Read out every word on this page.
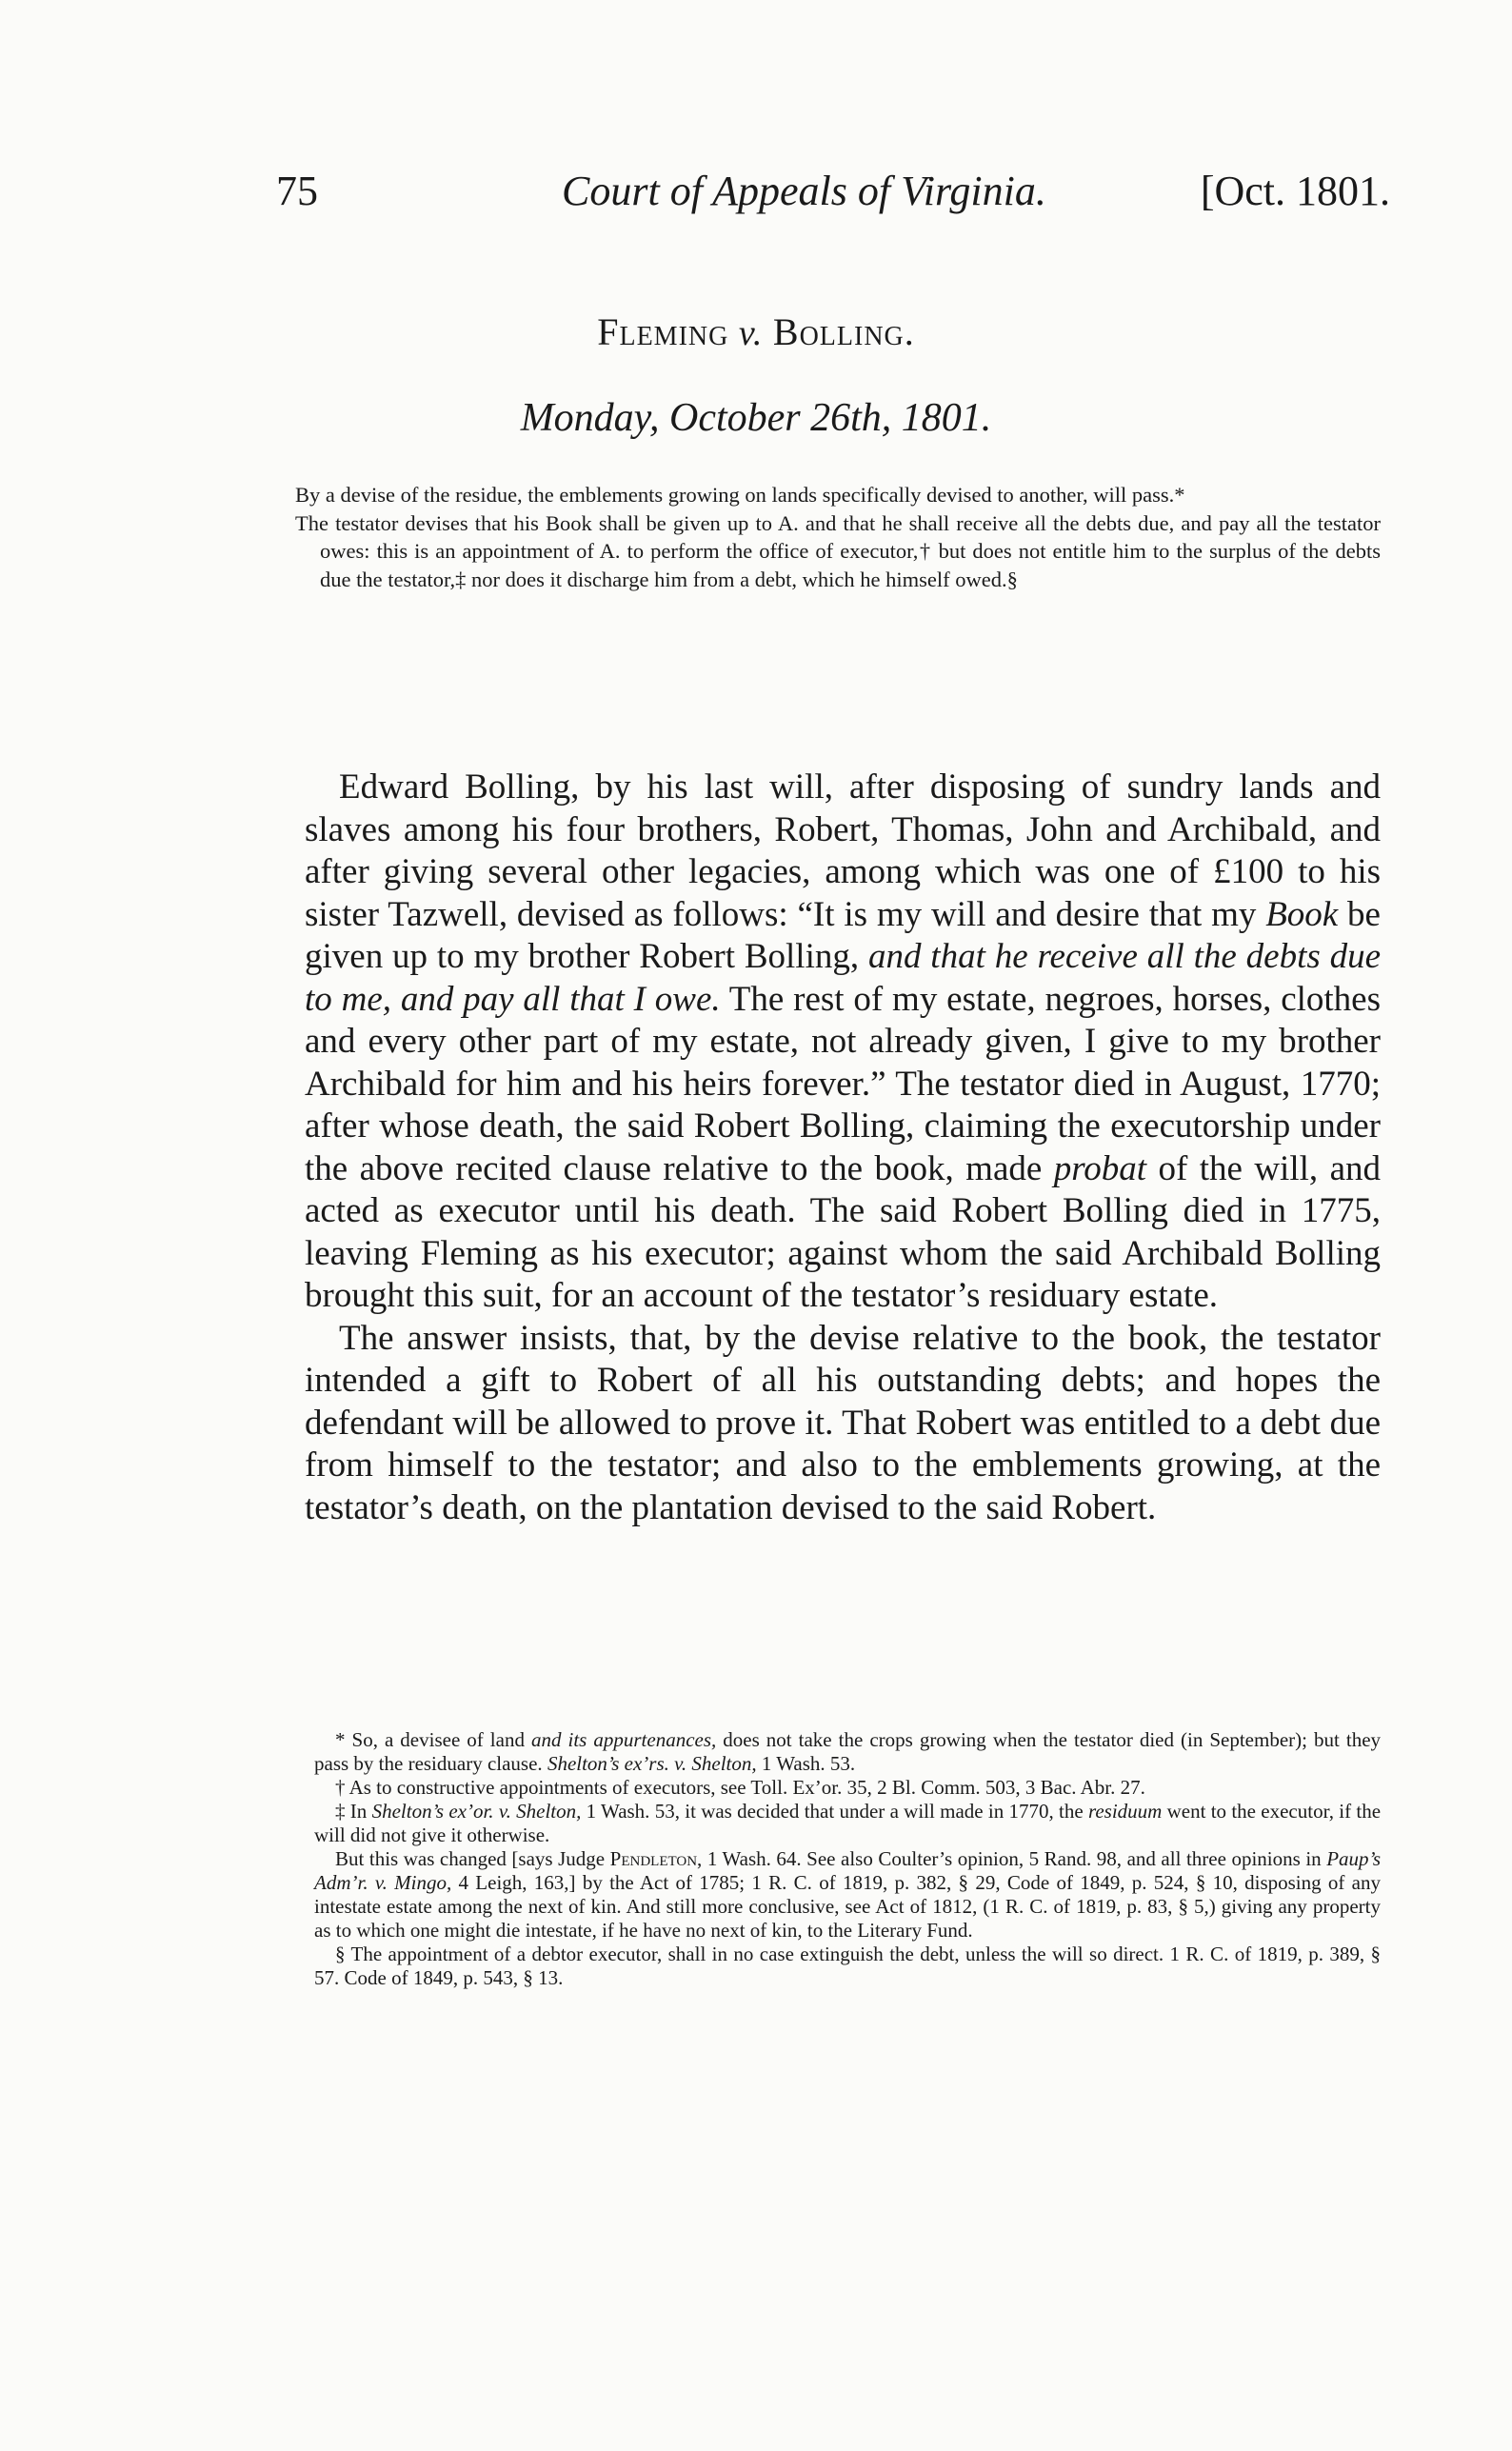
75	Court of Appeals of Virginia.	[Oct. 1801.
Fleming v. Bolling.
Monday, October 26th, 1801.

By a devise of the residue, the emblements growing on lands specifically devised to another, will pass.*

The testator devises that his Book shall be given up to A. and that he shall receive all the debts due, and pay all the testator owes: this is an appointment of A. to perform the office of executor,† but does not entitle him to the surplus of the debts due the testator,‡ nor does it discharge him from a debt, which he himself owed.§

Edward Bolling, by his last will, after disposing of sundry lands and slaves among his four brothers, Robert, Thomas, John and Archibald, and after giving several other legacies, among which was one of £100 to his sister Tazwell, devised as follows: “It is my will and desire that my Book be given up to my brother Robert Bolling, and that he receive all the debts due to me, and pay all that I owe. The rest of my estate, negroes, horses, clothes and every other part of my estate, not already given, I give to my brother Archibald for him and his heirs forever.” The testator died in August, 1770; after whose death, the said Robert Bolling, claiming the executorship under the above recited clause relative to the book, made probat of the will, and acted as executor until his death. The said Robert Bolling died in 1775, leaving Fleming as his executor; against whom the said Archibald Bolling brought this suit, for an account of the testator’s residuary estate.

The answer insists, that, by the devise relative to the book, the testator intended a gift to Robert of all his outstanding debts; and hopes the defendant will be allowed to prove it. That Robert was entitled to a debt due from himself to the testator; and also to the emblements growing, at the testator’s death, on the plantation devised to the said Robert.

* So, a devisee of land and its appurtenances, does not take the crops growing when the testator died (in September); but they pass by the residuary clause. Shelton’s ex’rs. v. Shelton, 1 Wash. 53.

† As to constructive appointments of executors, see Toll. Ex’or. 35, 2 Bl. Comm. 503, 3 Bac. Abr. 27.

‡ In Shelton’s ex’or. v. Shelton, 1 Wash. 53, it was decided that under a will made in 1770, the residuum went to the executor, if the will did not give it otherwise.

But this was changed [says Judge Pendleton, 1 Wash. 64. See also Coulter’s opinion, 5 Rand. 98, and all three opinions in Paup’s Adm’r. v. Mingo, 4 Leigh, 163,] by the Act of 1785; 1 R. C. of 1819, p. 382, § 29, Code of 1849, p. 524, § 10, disposing of any intestate estate among the next of kin. And still more conclusive, see Act of 1812, (1 R. C. of 1819, p. 83, § 5,) giving any property as to which one might die intestate, if he have no next of kin, to the Literary Fund.

§ The appointment of a debtor executor, shall in no case extinguish the debt, unless the will so direct. 1 R. C. of 1819, p. 389, § 57. Code of 1849, p. 543, § 13.
